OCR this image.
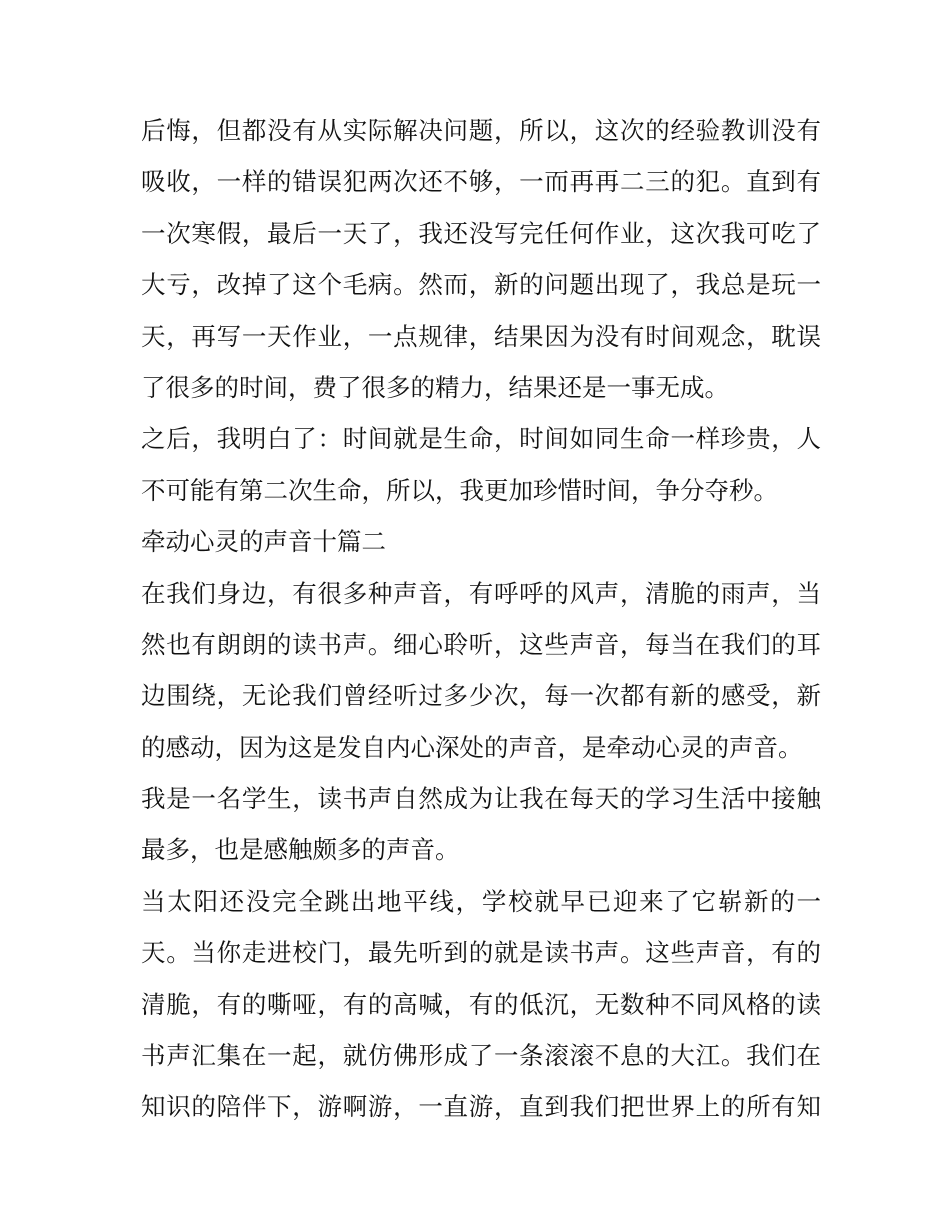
后悔，但都没有从实际解决问题，所以，这次的经验教训没有
吸收，一样的错误犯两次还不够，一而再再二三的犯。直到有
一次寒假，最后一天了，我还没写完任何作业，这次我可吃了
大亏，改掉了这个毛病。然而，新的问题出现了，我总是玩一
天，再写一天作业，一点规律，结果因为没有时间观念，耽误
了很多的时间，费了很多的精力，结果还是一事无成。
之后，我明白了：时间就是生命，时间如同生命一样珍贵，人
不可能有第二次生命，所以，我更加珍惜时间，争分夺秒。
牵动心灵的声音十篇二
在我们身边，有很多种声音，有呼呼的风声，清脆的雨声，当
然也有朗朗的读书声。细心聆听，这些声音，每当在我们的耳
边围绕，无论我们曾经听过多少次，每一次都有新的感受，新
的感动，因为这是发自内心深处的声音，是牵动心灵的声音。
我是一名学生，读书声自然成为让我在每天的学习生活中接触
最多，也是感触颇多的声音。
当太阳还没完全跳出地平线，学校就早已迎来了它崭新的一
天。当你走进校门，最先听到的就是读书声。这些声音，有的
清脆，有的嘶哑，有的高喊，有的低沉，无数种不同风格的读
书声汇集在一起，就仿佛形成了一条滚滚不息的大江。我们在
知识的陪伴下，游啊游，一直游，直到我们把世界上的所有知
